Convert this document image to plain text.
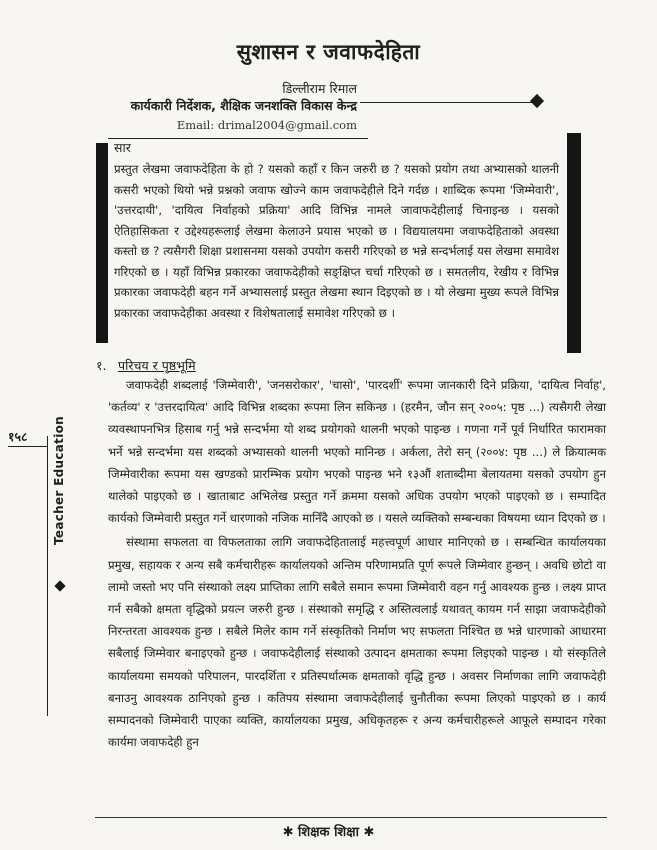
सुशासन र जवाफदेहिता
डिल्लीराम रिमाल
कार्यकारी निर्देशक, शैक्षिक जनशक्ति विकास केन्द्र
Email: drimal2004@gmail.com
सार
प्रस्तुत लेखमा जवाफदेहिता के हो ? यसको कहाँ र किन जरुरी छ ? यसको प्रयोग तथा अभ्यासको थालनी कसरी भएको थियो भन्ने प्रश्नको जवाफ खोज्ने काम जवाफदेहीले दिने गर्दछ । शाब्दिक रूपमा 'जिम्मेवारी', 'उत्तरदायी', 'दायित्व निर्वाहको प्रक्रिया' आदि विभिन्न नामले जावाफदेहीलाई चिनाइन्छ । यसको ऐतिहासिकता र उद्देश्यहरूलाई लेखमा केलाउने प्रयास भएको छ । विद्ययालयमा जवाफदेहिताको अवस्था कस्तो छ ? त्यसैगरी शिक्षा प्रशासनमा यसको उपयोग कसरी गरिएको छ भन्ने सन्दर्भलाई यस लेखमा समावेश गरिएको छ । यहाँ विभिन्न प्रकारका जवाफदेहीको सङ्क्षिप्त चर्चा गरिएको छ । समतलीय, रेखीय र विभिन्न प्रकारका जवाफदेही बहन गर्ने अभ्यासलाई प्रस्तुत लेखमा स्थान दिइएको छ । यो लेखमा मुख्य रूपले विभिन्न प्रकारका जवाफदेहीका अवस्था र विशेषतालाई समावेश गरिएको छ ।
१. परिचय र पृष्ठभूमि

जवाफदेही शब्दलाई 'जिम्मेवारी', 'जनसरोकार', 'चासो', 'पारदर्शी' रूपमा जानकारी दिने प्रक्रिया, 'दायित्व निर्वाह', 'कर्तव्य' र 'उत्तरदायित्व' आदि विभिन्न शब्दका रूपमा लिन सकिन्छ । (हरमैन, जौन सन् २००५: पृष्ठ ...) त्यसैगरी लेखा व्यवस्थापनभित्र हिसाब गर्नु भन्ने सन्दर्भमा यो शब्द प्रयोगको थालनी भएको पाइन्छ । गणना गर्ने पूर्व निर्धारित फारामका भर्ने भन्ने सन्दर्भमा यस शब्दको अभ्यासको थालनी भएको मानिन्छ । अर्कला, तेरो सन् (२००४: पृष्ठ ...) ले क्रियात्मक जिम्मेवारीका रूपमा यस खण्डको प्रारम्भिक प्रयोग भएको पाइन्छ भने १३औं शताब्दीमा बेलायतमा यसको उपयोग हुन थालेको पाइएको छ । खाताबाट अभिलेख प्रस्तुत गर्ने क्रममा यसको अधिक उपयोग भएको पाइएको छ । सम्पादित कार्यको जिम्मेवारी प्रस्तुत गर्ने धारणाको नजिक मानिँदै आएको छ । यसले व्यक्तिको सम्बन्धका विषयमा ध्यान दिएको छ ।

संस्थामा सफलता वा विफलताका लागि जवाफदेहितालाई महत्त्वपूर्ण आधार मानिएको छ । सम्बन्धित कार्यालयका प्रमुख, सहायक र अन्य सबै कर्मचारीहरू कार्यालयको अन्तिम परिणामप्रति पूर्ण रूपले जिम्मेवार हुन्छन् । अवधि छोटो वा लामो जस्तो भए पनि संस्थाको लक्ष्य प्राप्तिका लागि सबैले समान रूपमा जिम्मेवारी वहन गर्नु आवश्यक हुन्छ । लक्ष्य प्राप्त गर्न सबैको क्षमता वृद्धिको प्रयत्न जरुरी हुन्छ । संस्थाको समृद्धि र अस्तित्वलाई यथावत् कायम गर्न साझा जवाफदेहीको निरन्तरता आवश्यक हुन्छ । सबैले मिलेर काम गर्ने संस्कृतिको निर्माण भए सफलता निश्चित छ भन्ने धारणाको आधारमा सबैलाई जिम्मेवार बनाइएको हुन्छ । जवाफदेहीलाई संस्थाको उत्पादन क्षमताका रूपमा लिइएको पाइन्छ । यो संस्कृतिले कार्यालयमा समयको परिपालन, पारदर्शिता र प्रतिस्पर्धात्मक क्षमताको वृद्धि हुन्छ । अवसर निर्माणका लागि जवाफदेही बनाउनु आवश्यक ठानिएको हुन्छ । कतिपय संस्थामा जवाफदेहीलाई चुनौतीका रूपमा लिएको पाइएको छ । कार्य सम्पादनको जिम्मेवारी पाएका व्यक्ति, कार्यालयका प्रमुख, अधिकृतहरू र अन्य कर्मचारीहरूले आफूले सम्पादन गरेका कार्यमा जवाफदेही हुन

१५८ Teacher Education
✱ शिक्षक शिक्षा ✱
